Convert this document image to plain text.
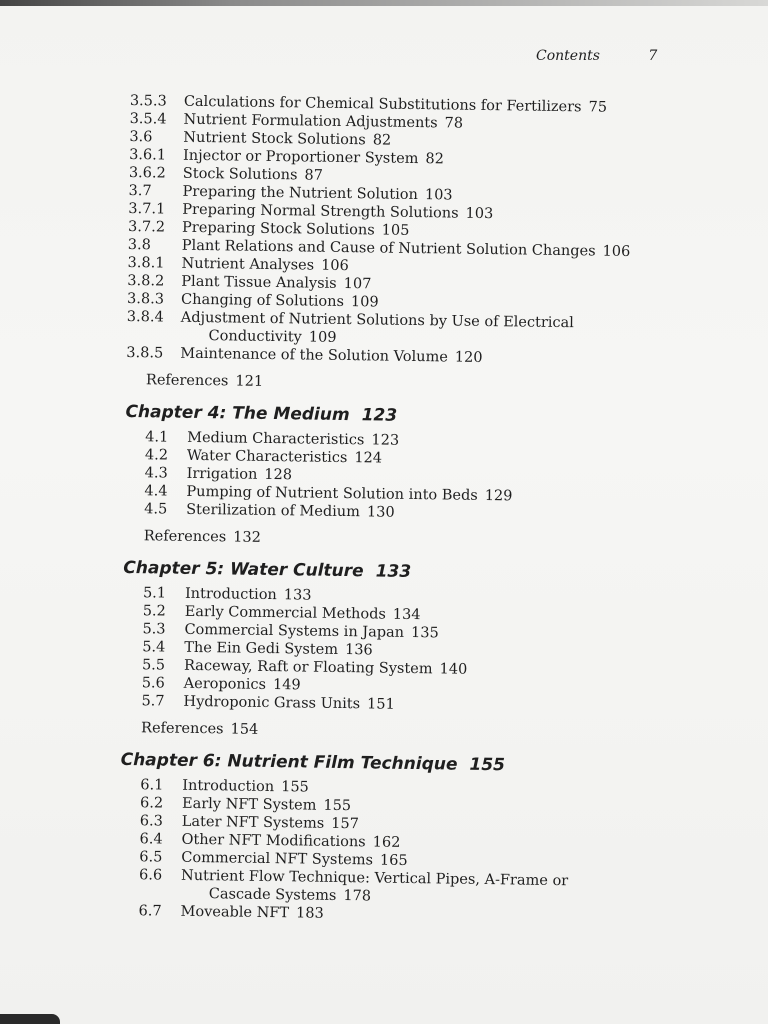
Contents	7
3.5.3	Calculations for Chemical Substitutions for Fertilizers 75
3.5.4	Nutrient Formulation Adjustments 78
3.6	Nutrient Stock Solutions 82
3.6.1	Injector or Proportioner System 82
3.6.2	Stock Solutions 87
3.7	Preparing the Nutrient Solution 103
3.7.1	Preparing Normal Strength Solutions 103
3.7.2	Preparing Stock Solutions 105
3.8	Plant Relations and Cause of Nutrient Solution Changes 106
3.8.1	Nutrient Analyses 106
3.8.2	Plant Tissue Analysis 107
3.8.3	Changing of Solutions 109
3.8.4	Adjustment of Nutrient Solutions by Use of Electrical
Conductivity 109
3.8.5	Maintenance of the Solution Volume 120
References 121
Chapter 4: The Medium 123
4.1	Medium Characteristics 123
4.2	Water Characteristics 124
4.3	Irrigation 128
4.4	Pumping of Nutrient Solution into Beds 129
4.5	Sterilization of Medium 130
References 132
Chapter 5: Water Culture 133
5.1	Introduction 133
5.2	Early Commercial Methods 134
5.3	Commercial Systems in Japan 135
5.4	The Ein Gedi System 136
5.5	Raceway, Raft or Floating System 140
5.6	Aeroponics 149
5.7	Hydroponic Grass Units 151
References 154
Chapter 6: Nutrient Film Technique 155
6.1	Introduction 155
6.2	Early NFT System 155
6.3	Later NFT Systems 157
6.4	Other NFT Modifications 162
6.5	Commercial NFT Systems 165
6.6	Nutrient Flow Technique: Vertical Pipes, A-Frame or
Cascade Systems 178
6.7	Moveable NFT 183
